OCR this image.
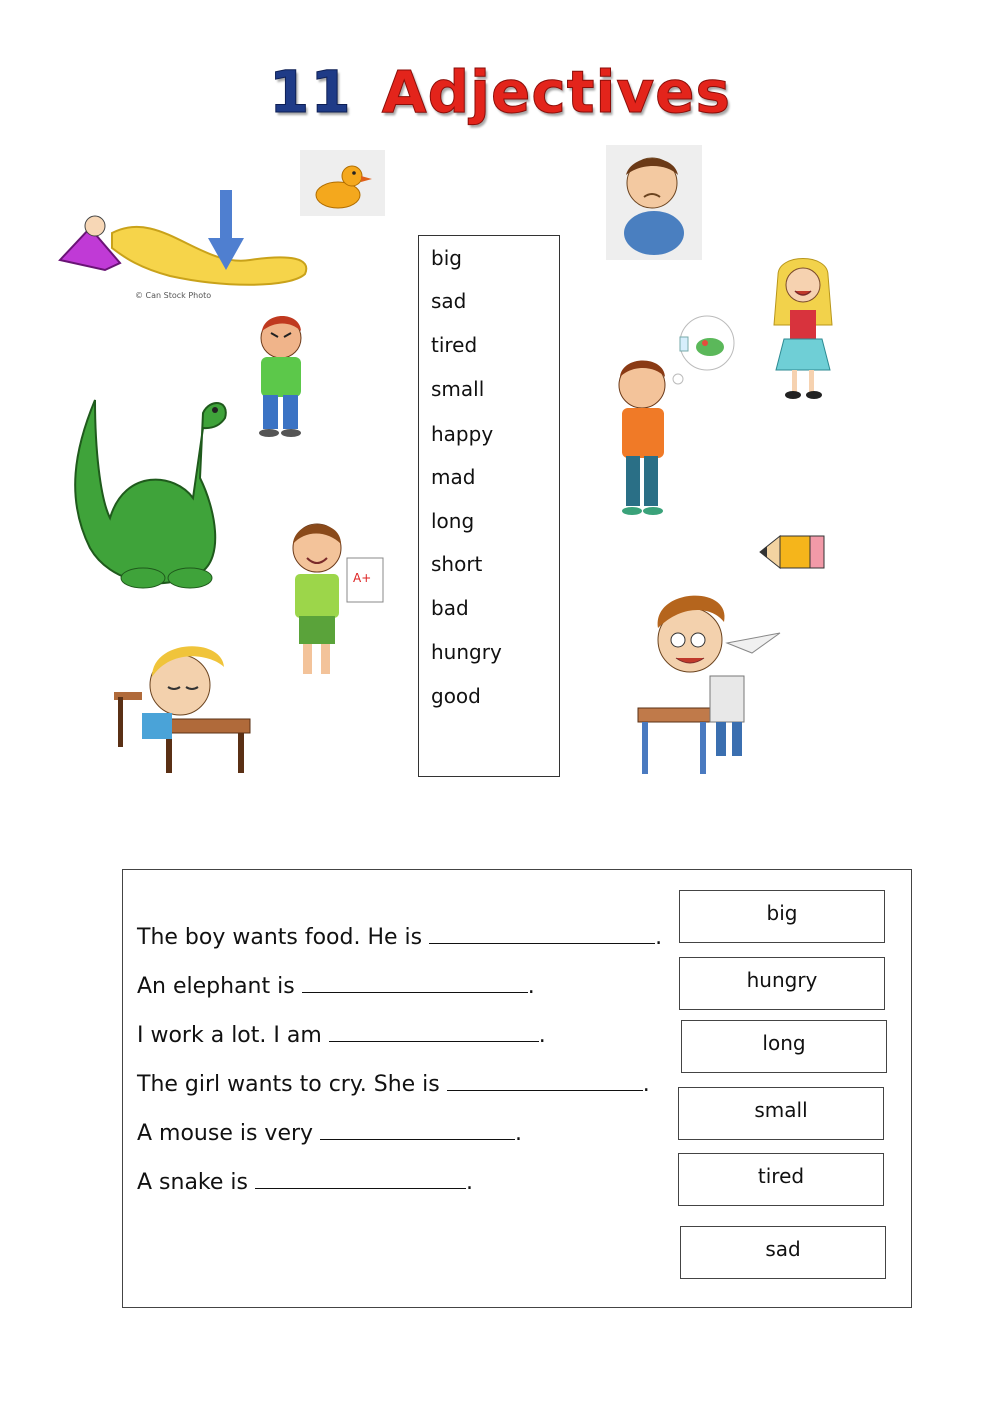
11 Adjectives
© Can Stock Photo
A+
big
sad
tired
small
happy
mad
long
short
bad
hungry
good
The boy wants food. He is	.
An elephant is	.
I work a lot. I am	.
The girl wants to cry. She is	.
A mouse is very	.
A snake is	.
big
hungry
long
small
tired
sad
